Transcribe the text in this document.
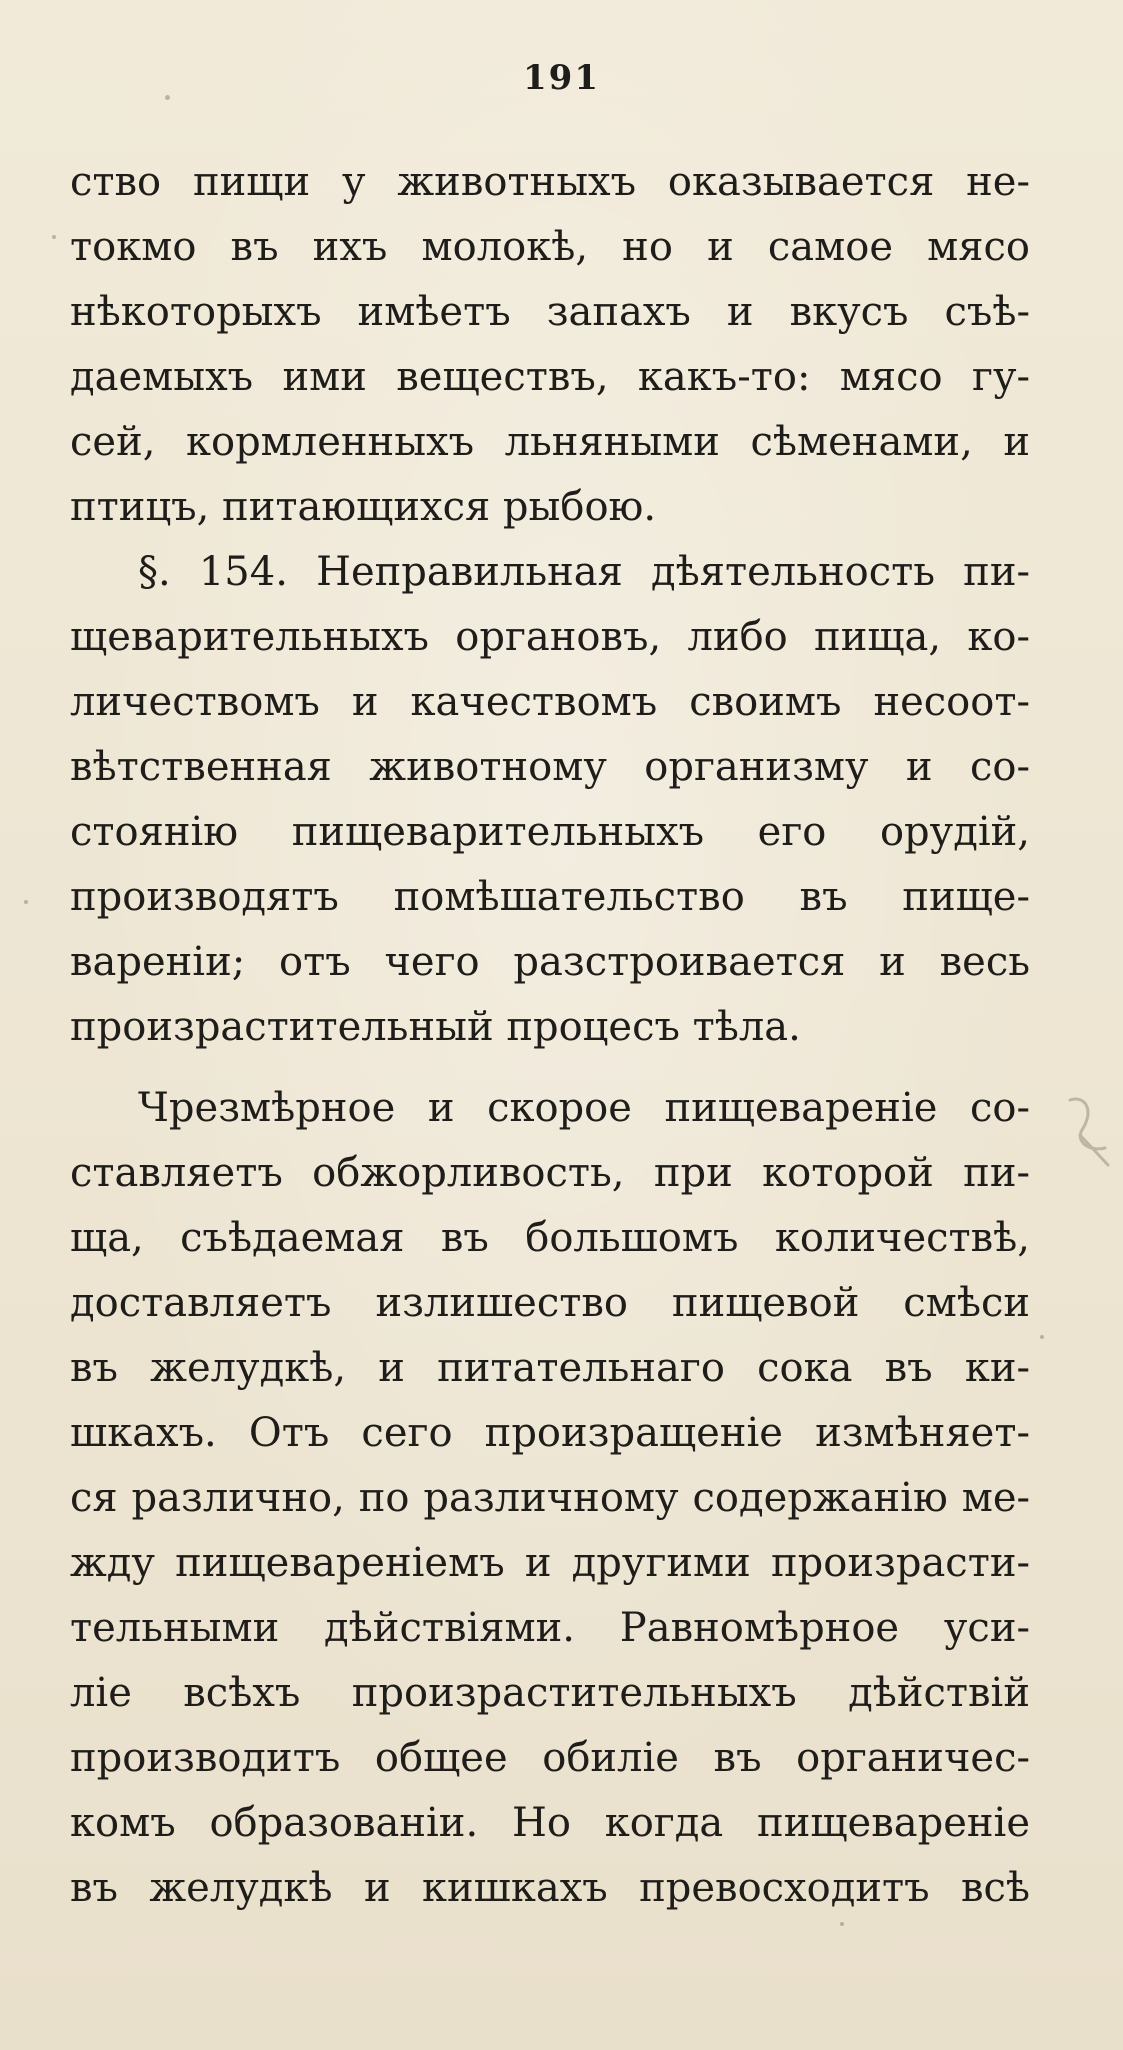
191
ство пищи у животныхъ оказывается не-
токмо въ ихъ молокѣ, но и самое мясо
нѣкоторыхъ имѣетъ запахъ и вкусъ съѣ-
даемыхъ ими веществъ, какъ-то: мясо гу-
сей, кормленныхъ льняными сѣменами, и
птицъ, питающихся рыбою.
§. 154. Неправильная дѣятельность пи-
щеварительныхъ органовъ, либо пища, ко-
личествомъ и качествомъ своимъ несоот-
вѣтственная животному организму и со-
стоянію пищеварительныхъ его орудій,
производятъ помѣшательство въ пище-
вареніи; отъ чего разстроивается и весь
произрастительный процесъ тѣла.
Чрезмѣрное и скорое пищевареніе со-
ставляетъ обжорливость, при которой пи-
ща, съѣдаемая въ большомъ количествѣ,
доставляетъ излишество пищевой смѣси
въ желудкѣ, и питательнаго сока въ ки-
шкахъ. Отъ сего произращеніе измѣняет-
ся различно, по различному содержанію ме-
жду пищевареніемъ и другими произрасти-
тельными дѣйствіями. Равномѣрное уси-
ліе всѣхъ произрастительныхъ дѣйствій
производитъ общее обиліе въ органичес-
комъ образованіи. Но когда пищевареніе
въ желудкѣ и кишкахъ превосходитъ всѣ
